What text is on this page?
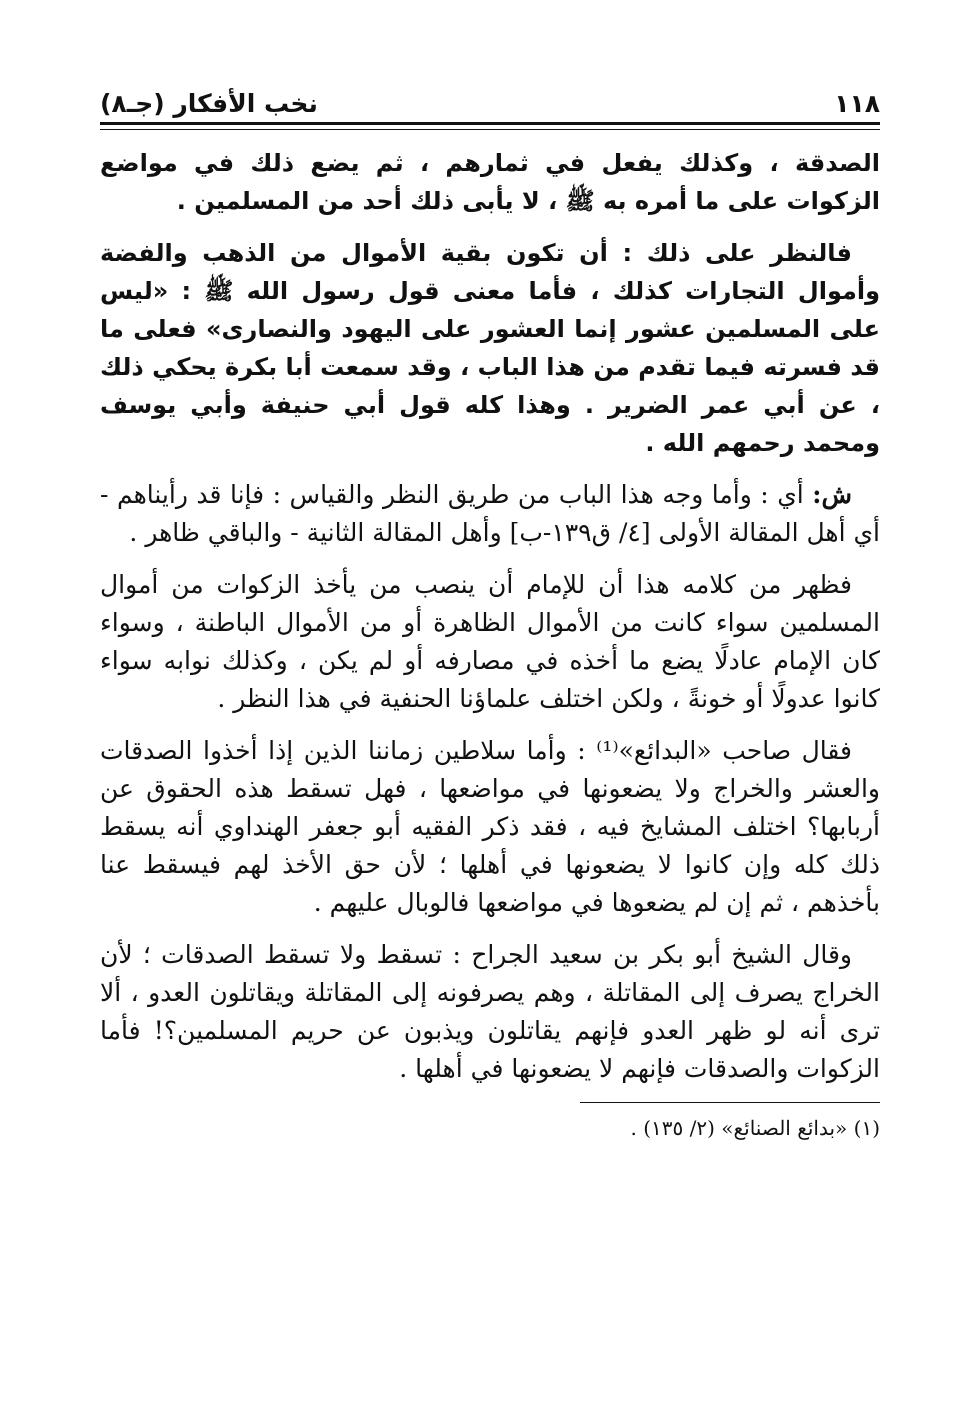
١١٨
نخب الأفكار (جـ٨)

الصدقة ، وكذلك يفعل في ثمارهم ، ثم يضع ذلك في مواضع الزكوات على ما أمره به ﷺ ، لا يأبى ذلك أحد من المسلمين .

فالنظر على ذلك : أن تكون بقية الأموال من الذهب والفضة وأموال التجارات كذلك ، فأما معنى قول رسول الله ﷺ : «ليس على المسلمين عشور إنما العشور على اليهود والنصارى» فعلى ما قد فسرته فيما تقدم من هذا الباب ، وقد سمعت أبا بكرة يحكي ذلك ، عن أبي عمر الضرير . وهذا كله قول أبي حنيفة وأبي يوسف ومحمد رحمهم الله .

ش: أي : وأما وجه هذا الباب من طريق النظر والقياس : فإنا قد رأيناهم - أي أهل المقالة الأولى [٤/ ق١٣٩-ب] وأهل المقالة الثانية - والباقي ظاهر .

فظهر من كلامه هذا أن للإمام أن ينصب من يأخذ الزكوات من أموال المسلمين سواء كانت من الأموال الظاهرة أو من الأموال الباطنة ، وسواء كان الإمام عادلًا يضع ما أخذه في مصارفه أو لم يكن ، وكذلك نوابه سواء كانوا عدولًا أو خونةً ، ولكن اختلف علماؤنا الحنفية في هذا النظر .

فقال صاحب «البدائع»⁽¹⁾ : وأما سلاطين زماننا الذين إذا أخذوا الصدقات والعشر والخراج ولا يضعونها في مواضعها ، فهل تسقط هذه الحقوق عن أربابها؟ اختلف المشايخ فيه ، فقد ذكر الفقيه أبو جعفر الهنداوي أنه يسقط ذلك كله وإن كانوا لا يضعونها في أهلها ؛ لأن حق الأخذ لهم فيسقط عنا بأخذهم ، ثم إن لم يضعوها في مواضعها فالوبال عليهم .

وقال الشيخ أبو بكر بن سعيد الجراح : تسقط ولا تسقط الصدقات ؛ لأن الخراج يصرف إلى المقاتلة ، وهم يصرفونه إلى المقاتلة ويقاتلون العدو ، ألا ترى أنه لو ظهر العدو فإنهم يقاتلون ويذبون عن حريم المسلمين؟! فأما الزكوات والصدقات فإنهم لا يضعونها في أهلها .

(١) «بدائع الصنائع» (٢/ ١٣٥) .
